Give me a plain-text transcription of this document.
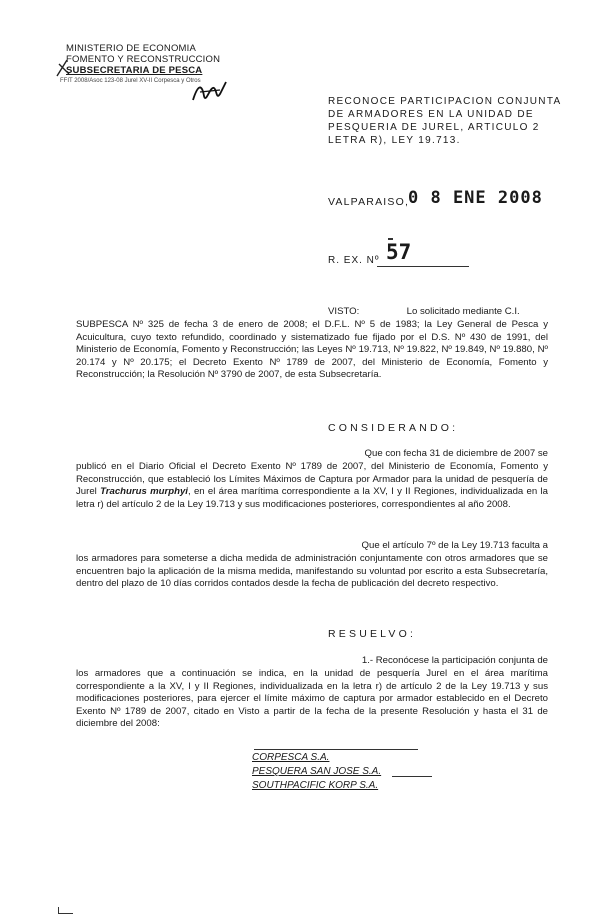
MINISTERIO DE ECONOMIA
FOMENTO Y RECONSTRUCCION
SUBSECRETARIA DE PESCA
FFIT 2008/Asoc 123-08 Jurel XV-II Corpesca y Otros
RECONOCE PARTICIPACION CONJUNTA
DE ARMADORES EN LA UNIDAD DE
PESQUERIA DE JUREL, ARTICULO 2
LETRA R), LEY 19.713.
VALPARAISO,
0 8 ENE 2008
R. EX. Nº 57
VISTO:	Lo solicitado mediante C.I.
SUBPESCA Nº 325 de fecha 3 de enero de 2008; el D.F.L. Nº 5 de 1983; la Ley General de Pesca y Acuicultura, cuyo texto refundido, coordinado y sistematizado fue fijado por el D.S. Nº 430 de 1991, del Ministerio de Economía, Fomento y Reconstrucción; las Leyes Nº 19.713, Nº 19.822, Nº 19.849, Nº 19.880, Nº 20.174 y Nº 20.175; el Decreto Exento Nº 1789 de 2007, del Ministerio de Economía, Fomento y Reconstrucción; la Resolución Nº 3790 de 2007, de esta Subsecretaría.
CONSIDERANDO:
Que con fecha 31 de diciembre de 2007 se
publicó en el Diario Oficial el Decreto Exento Nº 1789 de 2007, del Ministerio de Economía, Fomento y Reconstrucción, que estableció los Límites Máximos de Captura por Armador para la unidad de pesquería de Jurel Trachurus murphyi, en el área marítima correspondiente a la XV, I y II Regiones, individualizada en la letra r) del artículo 2 de la Ley 19.713 y sus modificaciones posteriores, correspondientes al año 2008.
Que el artículo 7º de la Ley 19.713 faculta a
los armadores para someterse a dicha medida de administración conjuntamente con otros armadores que se encuentren bajo la aplicación de la misma medida, manifestando su voluntad por escrito a esta Subsecretaría, dentro del plazo de 10 días corridos contados desde la fecha de publicación del decreto respectivo.
RESUELVO:
1.- Reconócese la participación conjunta de
los armadores que a continuación se indica, en la unidad de pesquería Jurel en el área marítima correspondiente a la XV, I y II Regiones, individualizada en la letra r) de artículo 2 de la Ley 19.713 y sus modificaciones posteriores, para ejercer el límite máximo de captura por armador establecido en el Decreto Exento Nº 1789 de 2007, citado en Visto a partir de la fecha de la presente Resolución y hasta el 31 de diciembre del 2008:
CORPESCA S.A.
PESQUERA SAN JOSE S.A.
SOUTHPACIFIC KORP S.A.
